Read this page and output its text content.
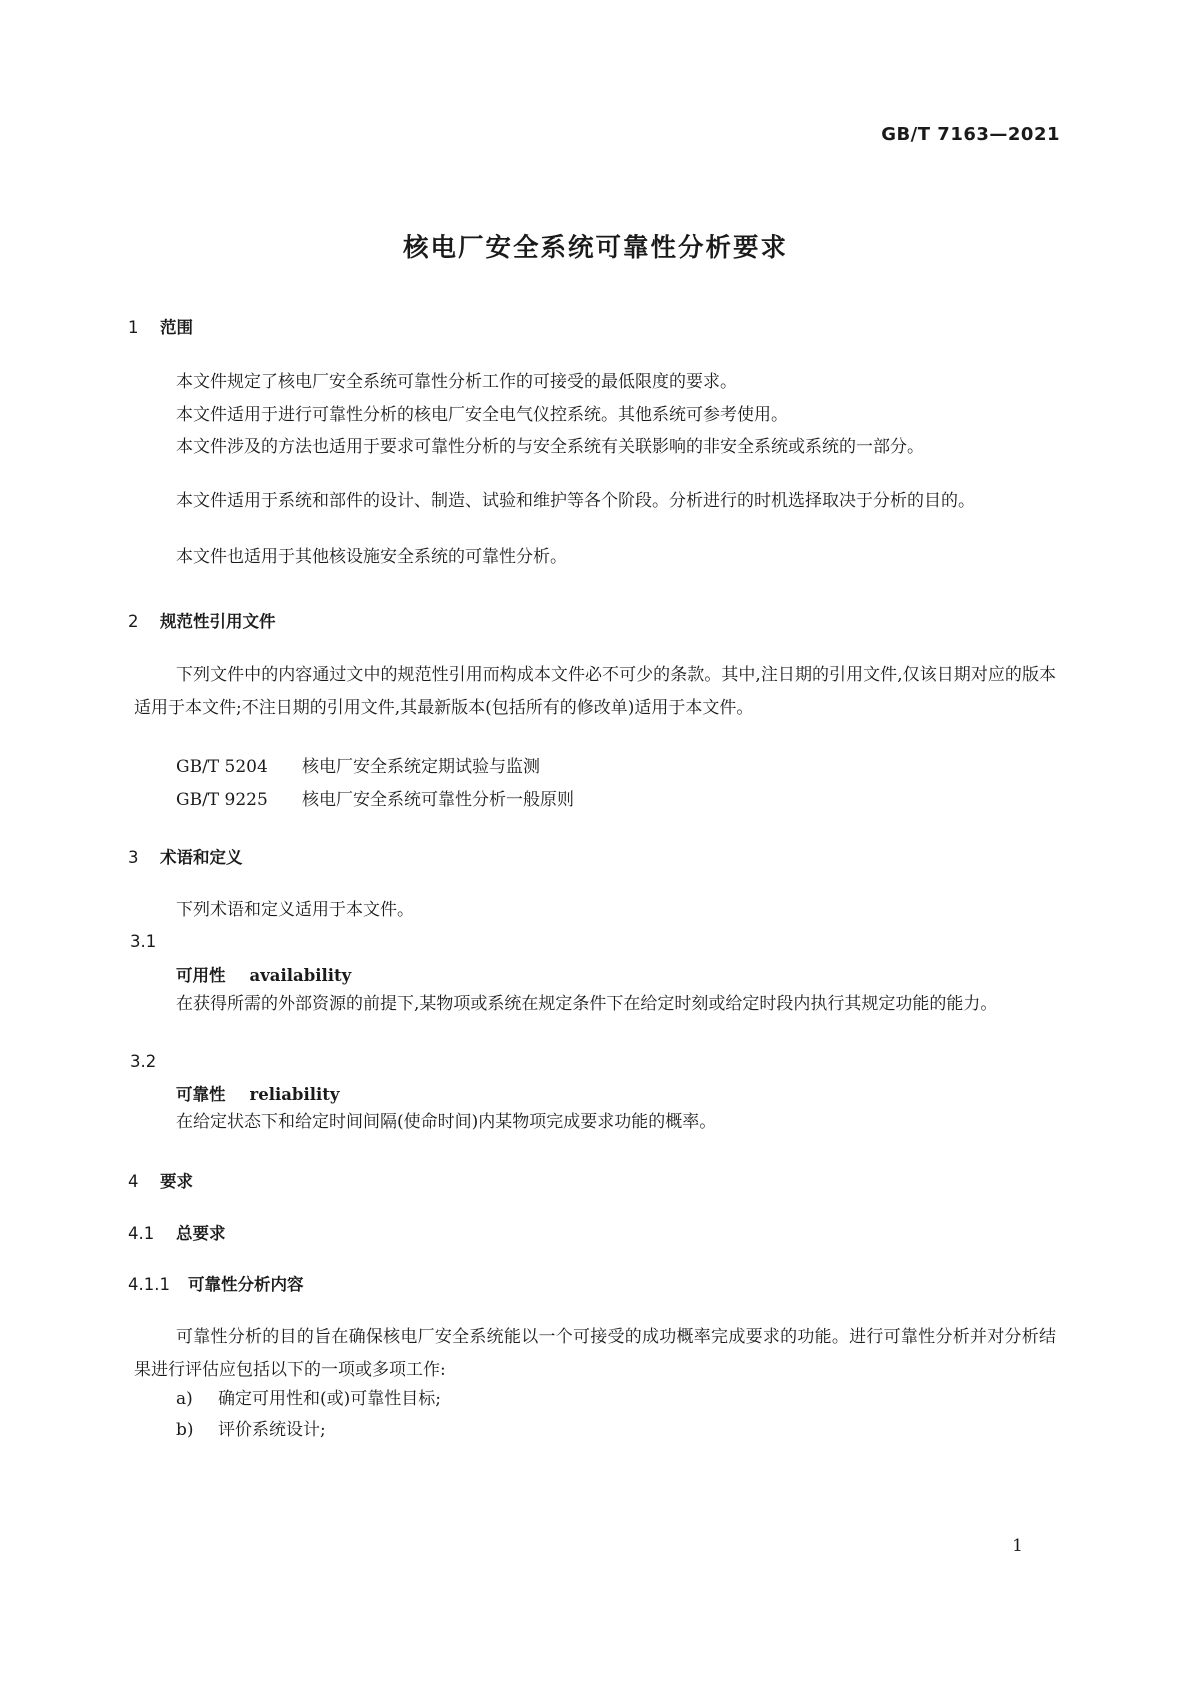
GB/T 7163—2021
核电厂安全系统可靠性分析要求
1 范围
本文件规定了核电厂安全系统可靠性分析工作的可接受的最低限度的要求。
本文件适用于进行可靠性分析的核电厂安全电气仪控系统。其他系统可参考使用。
本文件涉及的方法也适用于要求可靠性分析的与安全系统有关联影响的非安全系统或系统的一部分。
本文件适用于系统和部件的设计、制造、试验和维护等各个阶段。分析进行的时机选择取决于分析的目的。
本文件也适用于其他核设施安全系统的可靠性分析。
2 规范性引用文件
下列文件中的内容通过文中的规范性引用而构成本文件必不可少的条款。其中,注日期的引用文件,仅该日期对应的版本适用于本文件;不注日期的引用文件,其最新版本(包括所有的修改单)适用于本文件。
GB/T 5204 核电厂安全系统定期试验与监测
GB/T 9225 核电厂安全系统可靠性分析一般原则
3 术语和定义
下列术语和定义适用于本文件。
3.1
可用性 availability
在获得所需的外部资源的前提下,某物项或系统在规定条件下在给定时刻或给定时段内执行其规定功能的能力。
3.2
可靠性 reliability
在给定状态下和给定时间间隔(使命时间)内某物项完成要求功能的概率。
4 要求
4.1 总要求
4.1.1 可靠性分析内容
可靠性分析的目的旨在确保核电厂安全系统能以一个可接受的成功概率完成要求的功能。进行可靠性分析并对分析结果进行评估应包括以下的一项或多项工作:
a) 确定可用性和(或)可靠性目标;
b) 评价系统设计;
1
